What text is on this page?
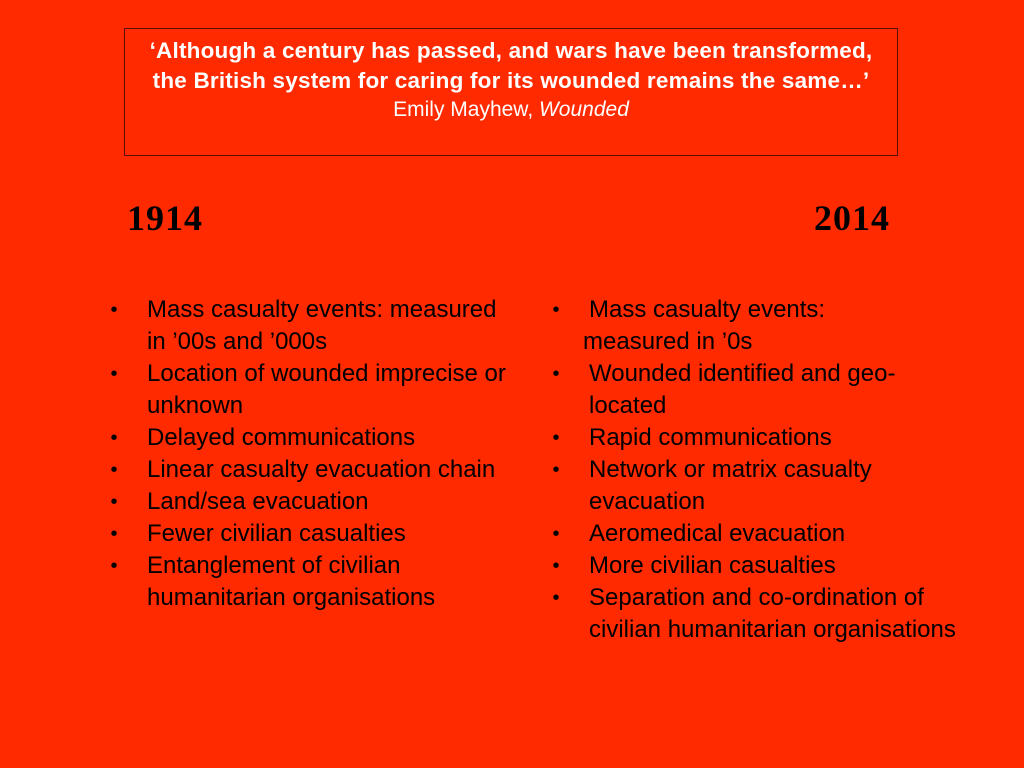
‘Although a century has passed, and wars have been transformed, the British system for caring for its wounded remains the same…’
Emily Mayhew, Wounded
1914	2014
• Mass casualty events: measured in ’00s and ’000s
• Location of wounded imprecise or unknown
• Delayed communications
• Linear casualty evacuation chain
• Land/sea evacuation
• Fewer civilian casualties
• Entanglement of civilian humanitarian organisations
• Mass casualty events:
measured in ’0s
• Wounded identified and geo-located
• Rapid communications
• Network or matrix casualty evacuation
• Aeromedical evacuation
• More civilian casualties
• Separation and co-ordination of civilian humanitarian organisations
